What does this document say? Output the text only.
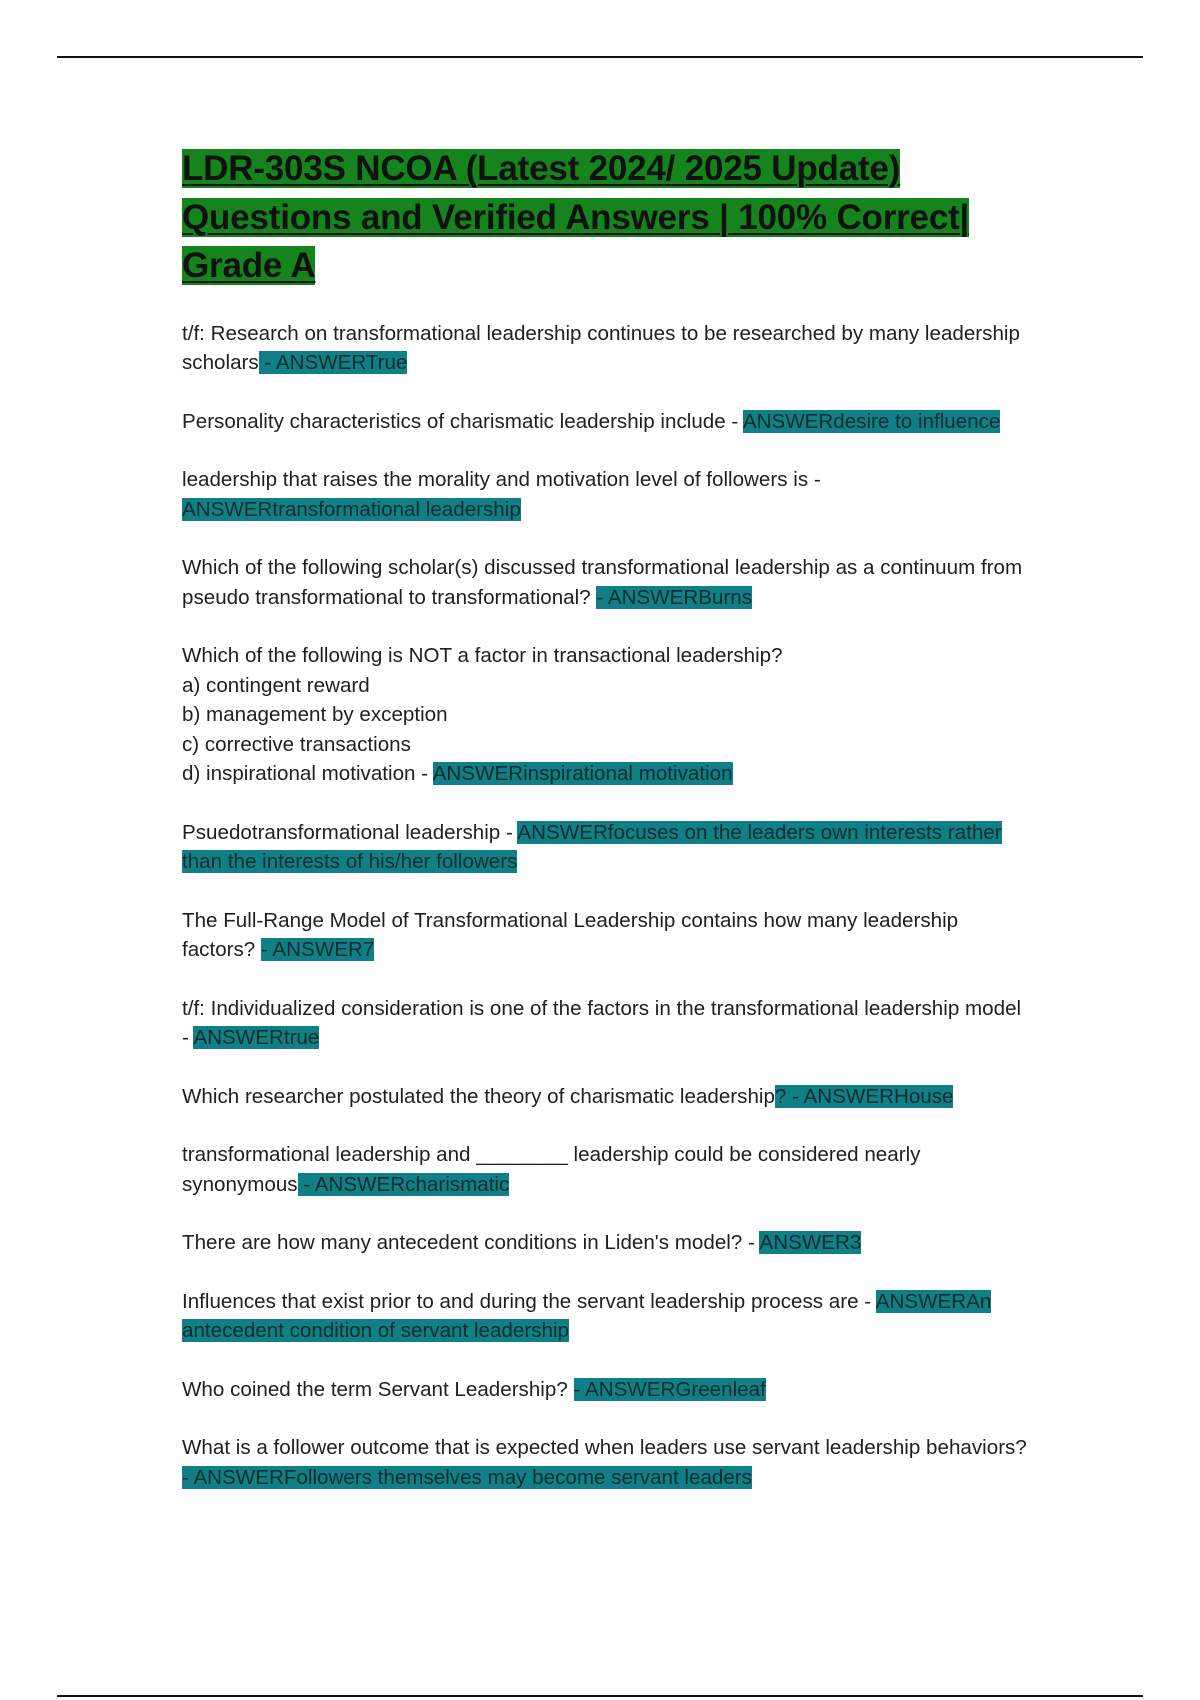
LDR-303S NCOA (Latest 2024/ 2025 Update) Questions and Verified Answers | 100% Correct| Grade A

t/f: Research on transformational leadership continues to be researched by many leadership scholars - ANSWERTrue

Personality characteristics of charismatic leadership include - ANSWERdesire to influence

leadership that raises the morality and motivation level of followers is - ANSWERtransformational leadership

Which of the following scholar(s) discussed transformational leadership as a continuum from pseudo transformational to transformational? - ANSWERBurns

Which of the following is NOT a factor in transactional leadership?
a) contingent reward
b) management by exception
c) corrective transactions
d) inspirational motivation - ANSWERinspirational motivation

Psuedotransformational leadership - ANSWERfocuses on the leaders own interests rather than the interests of his/her followers

The Full-Range Model of Transformational Leadership contains how many leadership factors? - ANSWER7

t/f: Individualized consideration is one of the factors in the transformational leadership model - ANSWERtrue

Which researcher postulated the theory of charismatic leadership? - ANSWERHouse

transformational leadership and ________ leadership could be considered nearly synonymous - ANSWERcharismatic

There are how many antecedent conditions in Liden's model? - ANSWER3

Influences that exist prior to and during the servant leadership process are - ANSWERAn antecedent condition of servant leadership

Who coined the term Servant Leadership? - ANSWERGreenleaf

What is a follower outcome that is expected when leaders use servant leadership behaviors? - ANSWERFollowers themselves may become servant leaders
